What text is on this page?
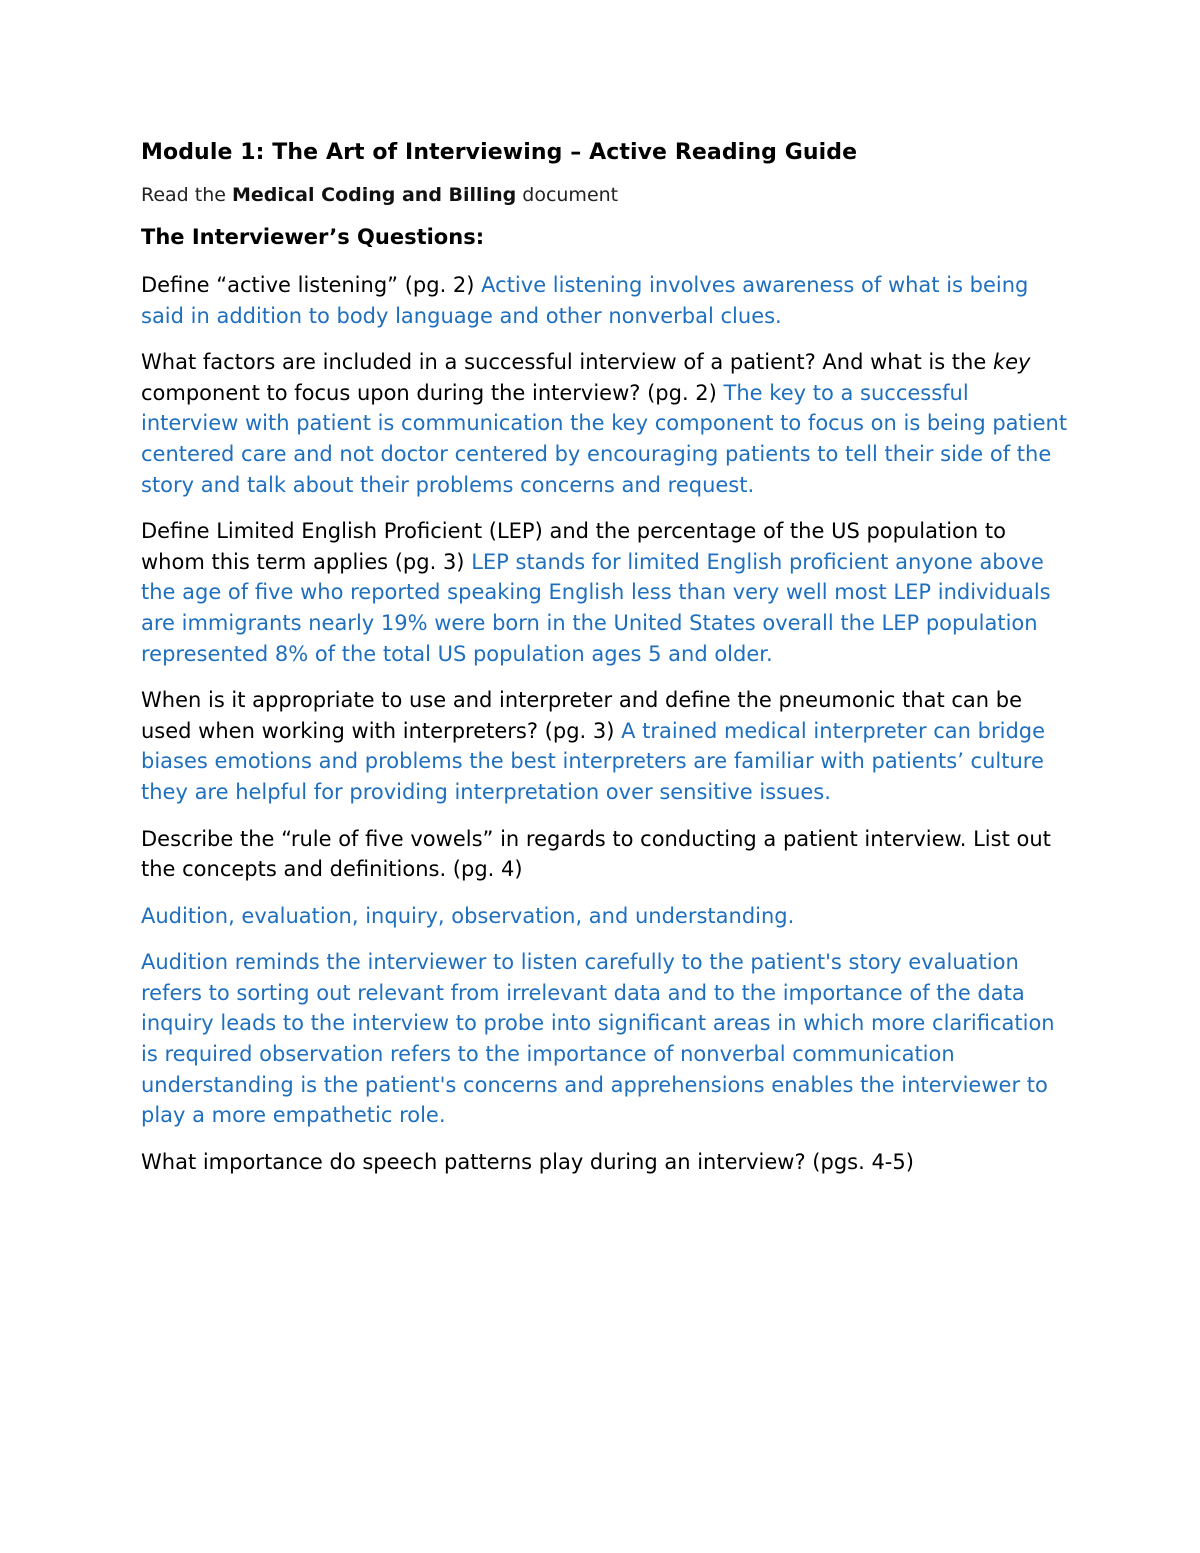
Module 1: The Art of Interviewing – Active Reading Guide
Read the Medical Coding and Billing document
The Interviewer’s Questions:

Define “active listening” (pg. 2) Active listening involves awareness of what is being said in addition to body language and other nonverbal clues.

What factors are included in a successful interview of a patient? And what is the key component to focus upon during the interview? (pg. 2) The key to a successful interview with patient is communication the key component to focus on is being patient centered care and not doctor centered by encouraging patients to tell their side of the story and talk about their problems concerns and request.

Define Limited English Proficient (LEP) and the percentage of the US population to whom this term applies (pg. 3) LEP stands for limited English proficient anyone above the age of five who reported speaking English less than very well most LEP individuals are immigrants nearly 19% were born in the United States overall the LEP population represented 8% of the total US population ages 5 and older.

When is it appropriate to use and interpreter and define the pneumonic that can be used when working with interpreters? (pg. 3) A trained medical interpreter can bridge biases emotions and problems the best interpreters are familiar with patients’ culture they are helpful for providing interpretation over sensitive issues.

Describe the “rule of five vowels” in regards to conducting a patient interview. List out the concepts and definitions. (pg. 4)

Audition, evaluation, inquiry, observation, and understanding.

Audition reminds the interviewer to listen carefully to the patient's story evaluation refers to sorting out relevant from irrelevant data and to the importance of the data inquiry leads to the interview to probe into significant areas in which more clarification is required observation refers to the importance of nonverbal communication understanding is the patient's concerns and apprehensions enables the interviewer to play a more empathetic role.

What importance do speech patterns play during an interview? (pgs. 4-5)
